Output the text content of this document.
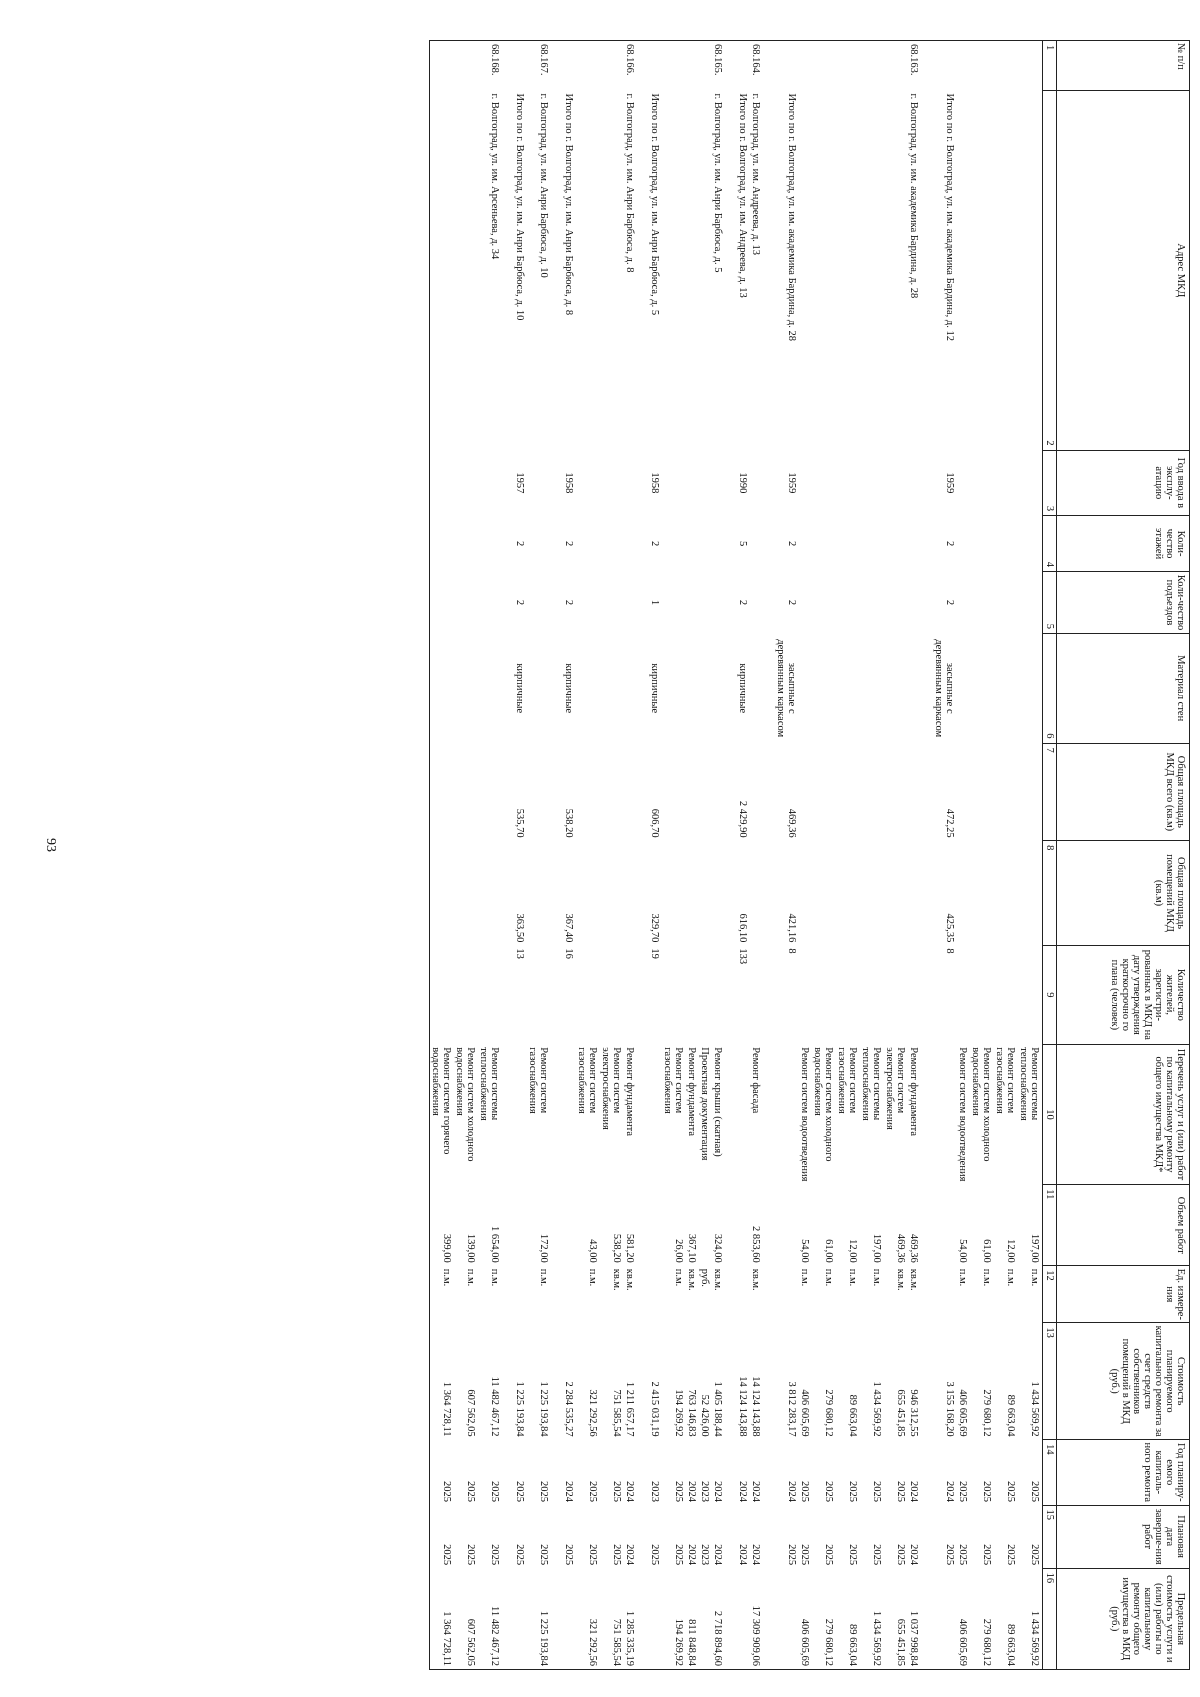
93
№ п/п	Адрес МКД	Год ввода в эксплу-атацию	Коли-чество этажей	Коли-чество подъездов	Материал стен	Общая площадь МКД всего (кв.м)	Общая площадь помещений МКД (кв.м)	Количество жителей, зарегистри-рованных в МКД на дату утверждения краткосрочно го плана (человек)	Перечень услуг и (или) работ по капитальному ремонту общего имущества МКД*	Объем работ	Ед. измере-ния	Стоимость планируемого капитального ремонта за счет средств собственников помещений в МКД (руб.)	Год планиру-емого капиталь-ного ремонта	Плановая дата заверше-ния работ	Предельная стоимость услуги и (или) работы по капитальному ремонту общего имущества в МКД (руб.)
1	2	3	4	5	6	7	8	9	10	11	12	13	14	15	16
									Ремонт системы теплоснабжения	197,00	п.м.	1 434 569,92	2025	2025	1 434 569,92
									Ремонт систем газоснабжения	12,00	п.м.	89 663,04	2025	2025	89 663,04
									Ремонт систем холодного водоснабжения	61,00	п.м.	279 680,12	2025	2025	279 680,12
									Ремонт систем водоотведения	54,00	п.м.	406 605,69	2025	2025	406 605,69
	Итого по г. Волгоград, ул. им. академика Бардина, д. 12	1959	2	2	засыпные с деревянным каркасом	472,25	425,35	8				3 155 168,20	2024	2025	

68.163.	г. Волгоград, ул. им. академика Бардина, д. 28								Ремонт фундамента	469,36	кв.м.	946 312,55	2024	2024	1 037 998,84
									Ремонт систем электроснабжения	469,36	кв.м.	655 451,85	2025	2025	655 451,85
									Ремонт системы теплоснабжения	197,00	п.м.	1 434 569,92	2025	2025	1 434 569,92
									Ремонт систем газоснабжения	12,00	п.м.	89 663,04	2025	2025	89 663,04
									Ремонт систем холодного водоснабжения	61,00	п.м.	279 680,12	2025	2025	279 680,12
									Ремонт систем водоотведения	54,00	п.м.	406 605,69	2025	2025	406 605,69
	Итого по г. Волгоград, ул. им. академика Бардина, д. 28	1959	2	2	засыпные с деревянным каркасом	469,36	421,16	8				3 812 283,17	2024	2025	

68.164.	г. Волгоград, ул. им. Андреева, д. 13								Ремонт фасада	2 853,60	кв.м.	14 124 143,88	2024	2024	17 309 909,06
	Итого по г. Волгоград, ул. им. Андреева, д. 13	1990	5	2	кирпичные	2 429,90	616,10	133				14 124 143,88	2024	2024	

68.165.	г. Волгоград, ул. им. Анри Барбюса, д. 5								Ремонт крыши (скатная)	324,00	кв.м.	1 405 188,44	2024	2024	2 718 894,60
									Проектная документация		руб.	52 426,00	2023	2023	
									Ремонт фундамента	367,10	кв.м.	763 146,83	2024	2024	811 848,84
									Ремонт систем газоснабжения	26,00	п.м.	194 269,92	2025	2025	194 269,92
	Итого по г. Волгоград, ул. им. Анри Барбюса, д. 5	1958	2	1	кирпичные	606,70	329,70	19				2 415 031,19	2023	2025	

68.166.	г. Волгоград, ул. им. Анри Барбюса, д. 8								Ремонт фундамента	581,20	кв.м.	1 211 657,17	2024	2024	1 285 335,19
									Ремонт систем электроснабжения	538,20	кв.м.	751 585,54	2025	2025	751 585,54
									Ремонт систем газоснабжения	43,00	п.м.	321 292,56	2025	2025	321 292,56
	Итого по г. Волгоград, ул. им. Анри Барбюса, д. 8	1958	2	2	кирпичные	538,20	367,40	16				2 284 535,27	2024	2025	

68.167.	г. Волгоград, ул. им. Анри Барбюса, д. 10								Ремонт систем газоснабжения	172,00	п.м.	1 225 193,84	2025	2025	1 225 193,84
	Итого по г. Волгоград, ул. им. Анри Барбюса, д. 10	1957	2	2	кирпичные	535,70	363,50	13				1 225 193,84	2025	2025	

68.168.	г. Волгоград, ул. им. Арсеньева, д. 34								Ремонт системы теплоснабжения	1 654,00	п.м.	11 482 467,12	2025	2025	11 482 467,12
									Ремонт систем холодного водоснабжения	139,00	п.м.	607 562,05	2025	2025	607 562,05
									Ремонт систем горячего водоснабжения	399,00	п.м.	1 364 728,11	2025	2025	1 364 728,11
